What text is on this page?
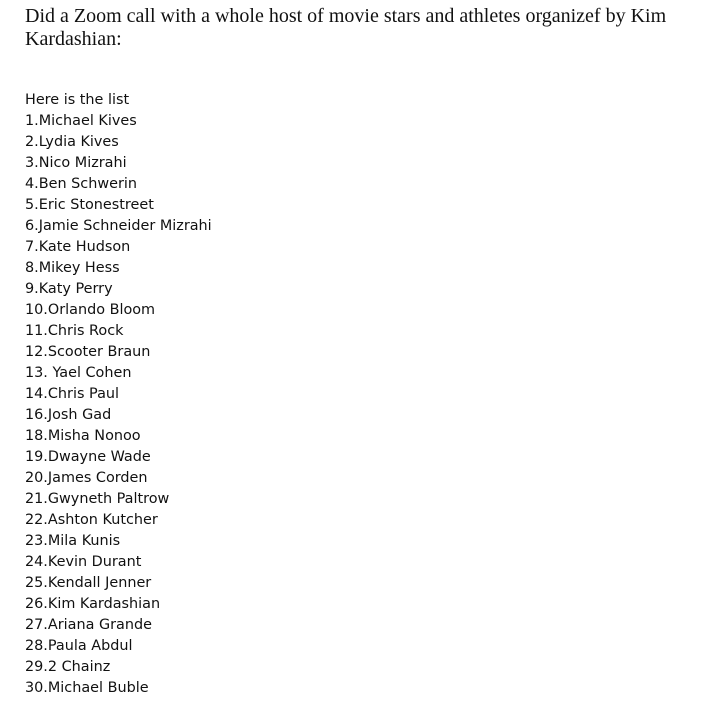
Did a Zoom call with a whole host of movie stars and athletes organizef by Kim Kardashian:

Here is the list
1.Michael Kives
2.Lydia Kives
3.Nico Mizrahi
4.Ben Schwerin
5.Eric Stonestreet
6.Jamie Schneider Mizrahi
7.Kate Hudson
8.Mikey Hess
9.Katy Perry
10.Orlando Bloom
11.Chris Rock
12.Scooter Braun
13. Yael Cohen
14.Chris Paul
16.Josh Gad
18.Misha Nonoo
19.Dwayne Wade
20.James Corden
21.Gwyneth Paltrow
22.Ashton Kutcher
23.Mila Kunis
24.Kevin Durant
25.Kendall Jenner
26.Kim Kardashian
27.Ariana Grande
28.Paula Abdul
29.2 Chainz
30.Michael Buble
